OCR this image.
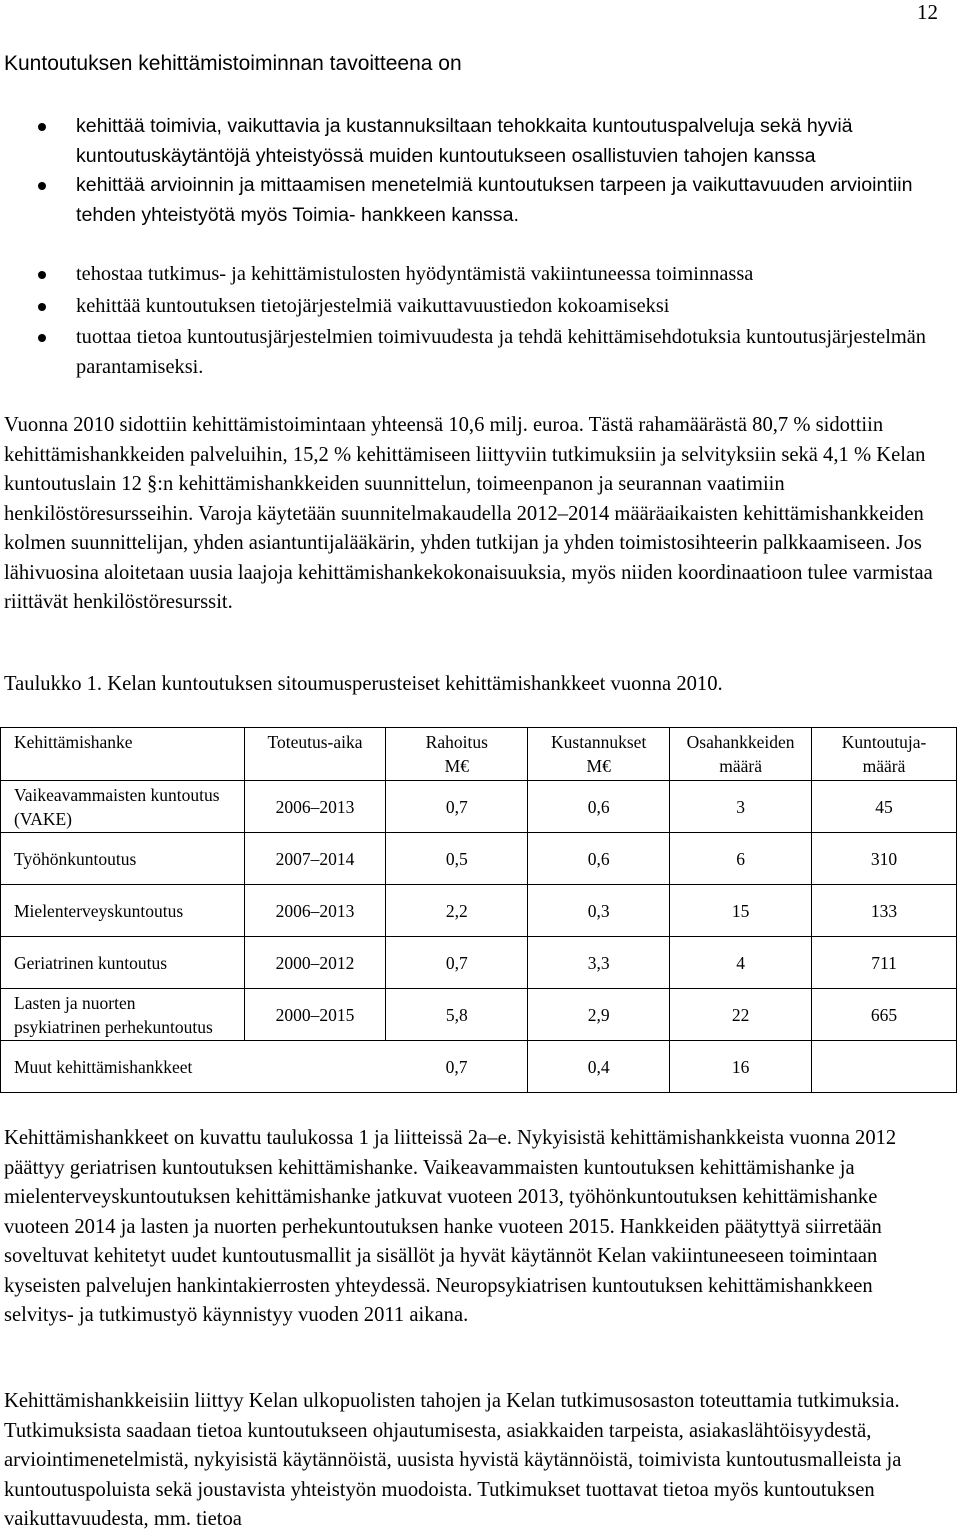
12
Kuntoutuksen kehittämistoiminnan tavoitteena on
kehittää toimivia, vaikuttavia ja kustannuksiltaan tehokkaita kuntoutuspalveluja sekä hyviä kuntoutuskäytäntöjä yhteistyössä muiden kuntoutukseen osallistuvien tahojen kanssa
kehittää arvioinnin ja mittaamisen menetelmiä kuntoutuksen tarpeen ja vaikuttavuuden arviointiin tehden yhteistyötä myös Toimia- hankkeen kanssa.
tehostaa tutkimus- ja kehittämistulosten hyödyntämistä vakiintuneessa toiminnassa
kehittää kuntoutuksen tietojärjestelmiä vaikuttavuustiedon kokoamiseksi
tuottaa tietoa kuntoutusjärjestelmien toimivuudesta ja tehdä kehittämisehdotuksia kuntoutusjärjestelmän parantamiseksi.

Vuonna 2010 sidottiin kehittämistoimintaan yhteensä 10,6 milj. euroa. Tästä rahamäärästä 80,7 % sidottiin kehittämishankkeiden palveluihin, 15,2 % kehittämiseen liittyviin tutkimuksiin ja selvityksiin sekä 4,1 % Kelan kuntoutuslain 12 §:n kehittämishankkeiden suunnittelun, toimeenpanon ja seurannan vaatimiin henkilöstöresursseihin. Varoja käytetään suunnitelmakaudella 2012–2014 määräaikaisten kehittämishankkeiden kolmen suunnittelijan, yhden asiantuntijalääkärin, yhden tutkijan ja yhden toimistosihteerin palkkaamiseen. Jos lähivuosina aloitetaan uusia laajoja kehittämishankekokonaisuuksia, myös niiden koordinaatioon tulee varmistaa riittävät henkilöstöresurssit.

Taulukko 1. Kelan kuntoutuksen sitoumusperusteiset kehittämishankkeet vuonna 2010.
Kehittämishanke	Toteutus-aika	Rahoitus M€	Kustannukset M€	Osahankkeiden määrä	Kuntoutuja-määrä
Vaikeavammaisten kuntoutus (VAKE)	2006–2013	0,7	0,6	3	45
Työhönkuntoutus	2007–2014	0,5	0,6	6	310
Mielenterveyskuntoutus	2006–2013	2,2	0,3	15	133
Geriatrinen kuntoutus	2000–2012	0,7	3,3	4	711
Lasten ja nuorten psykiatrinen perhekuntoutus	2000–2015	5,8	2,9	22	665
Muut kehittämishankkeet		0,7	0,4	16	

Kehittämishankkeet on kuvattu taulukossa 1 ja liitteissä 2a–e. Nykyisistä kehittämishankkeista vuonna 2012 päättyy geriatrisen kuntoutuksen kehittämishanke. Vaikeavammaisten kuntoutuksen kehittämishanke ja mielenterveyskuntoutuksen kehittämishanke jatkuvat vuoteen 2013, työhönkuntoutuksen kehittämishanke vuoteen 2014 ja lasten ja nuorten perhekuntoutuksen hanke vuoteen 2015. Hankkeiden päätyttyä siirretään soveltuvat kehitetyt uudet kuntoutusmallit ja sisällöt ja hyvät käytännöt Kelan vakiintuneeseen toimintaan kyseisten palvelujen hankintakierrosten yhteydessä. Neuropsykiatrisen kuntoutuksen kehittämishankkeen selvitys- ja tutkimustyö käynnistyy vuoden 2011 aikana.

Kehittämishankkeisiin liittyy Kelan ulkopuolisten tahojen ja Kelan tutkimusosaston toteuttamia tutkimuksia. Tutkimuksista saadaan tietoa kuntoutukseen ohjautumisesta, asiakkaiden tarpeista, asiakaslähtöisyydestä, arviointimenetelmistä, nykyisistä käytännöistä, uusista hyvistä käytännöistä, toimivista kuntoutusmalleista ja kuntoutuspoluista sekä joustavista yhteistyön muodoista. Tutkimukset tuottavat tietoa myös kuntoutuksen vaikuttavuudesta, mm. tietoa
